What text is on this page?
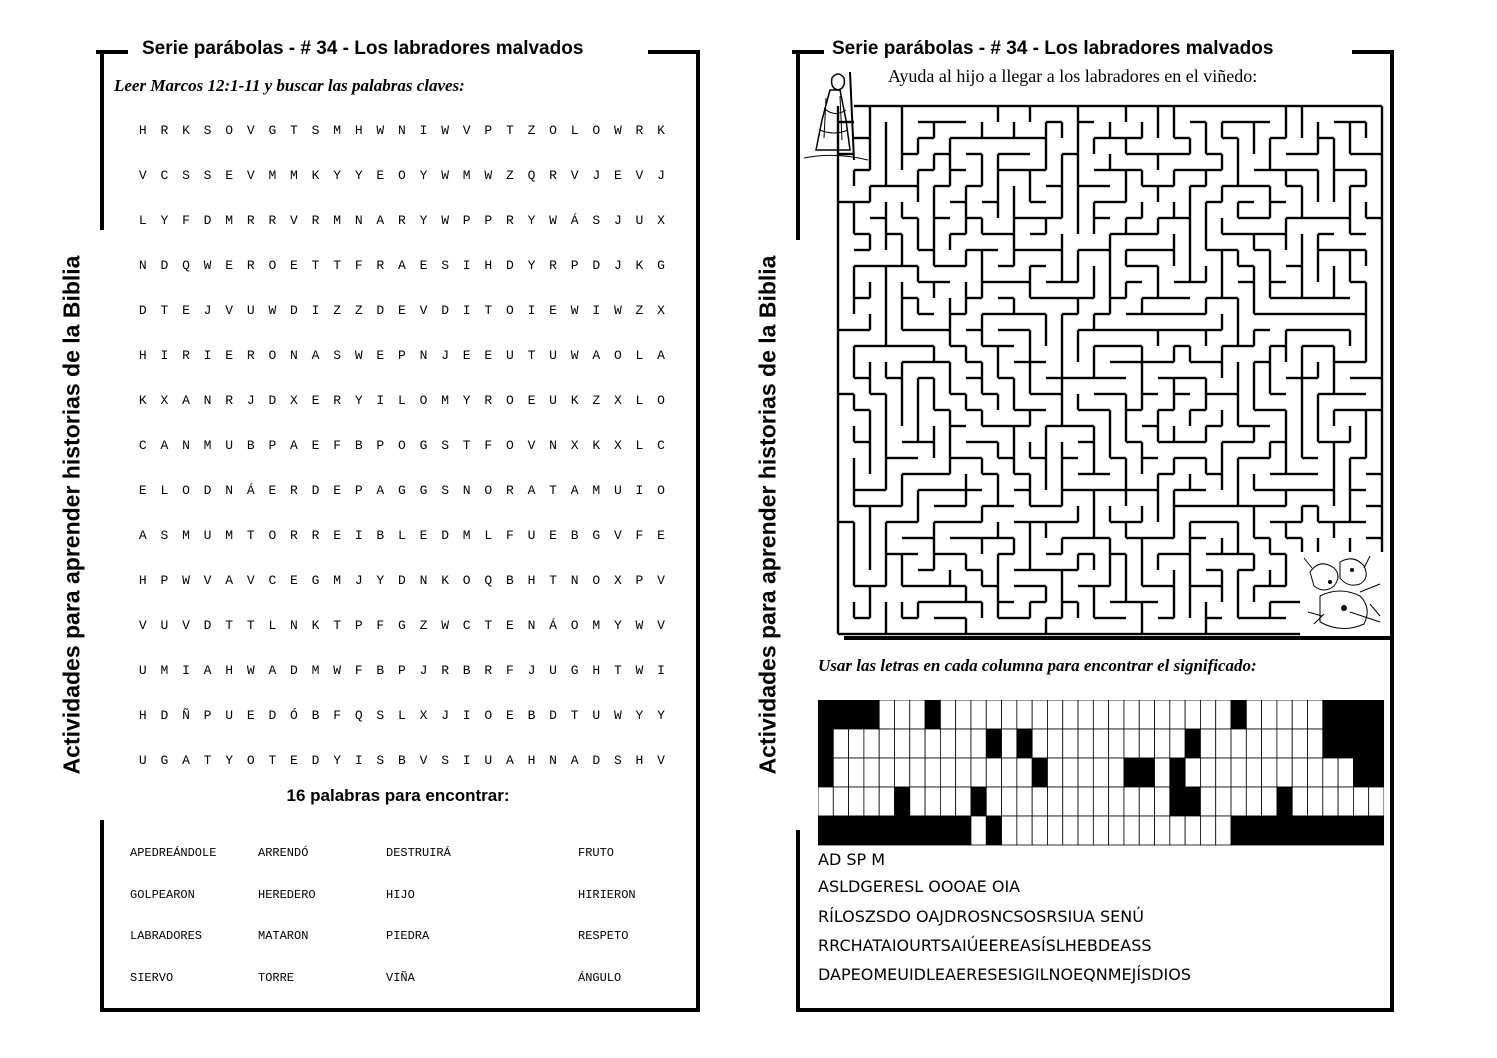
Serie parábolas - # 34 - Los labradores malvados
Actividades para aprender historias de la Biblia
Leer Marcos 12:1-11 y buscar las palabras claves:
H	R	K	S	O	V	G	T	S	M	H	W	N	I	W	V	P	T	Z	O	L	O	W	R	K
V	C	S	S	E	V	M	M	K	Y	Y	E	O	Y	W	M	W	Z	Q	R	V	J	E	V	J
L	Y	F	D	M	R	R	V	R	M	N	A	R	Y	W	P	P	R	Y	W	Á	S	J	U	X
N	D	Q	W	E	R	O	E	T	T	F	R	A	E	S	I	H	D	Y	R	P	D	J	K	G
D	T	E	J	V	U	W	D	I	Z	Z	D	E	V	D	I	T	O	I	E	W	I	W	Z	X
H	I	R	I	E	R	O	N	A	S	W	E	P	N	J	E	E	U	T	U	W	A	O	L	A
K	X	A	N	R	J	D	X	E	R	Y	I	L	O	M	Y	R	O	E	U	K	Z	X	L	O
C	A	N	M	U	B	P	A	E	F	B	P	O	G	S	T	F	O	V	N	X	K	X	L	C
E	L	O	D	N	Á	E	R	D	E	P	A	G	G	S	N	O	R	A	T	A	M	U	I	O
A	S	M	U	M	T	O	R	R	E	I	B	L	E	D	M	L	F	U	E	B	G	V	F	E
H	P	W	V	A	V	C	E	G	M	J	Y	D	N	K	O	Q	B	H	T	N	O	X	P	V
V	U	V	D	T	T	L	N	K	T	P	F	G	Z	W	C	T	E	N	Á	O	M	Y	W	V
U	M	I	A	H	W	A	D	M	W	F	B	P	J	R	B	R	F	J	U	G	H	T	W	I
H	D	Ñ	P	U	E	D	Ó	B	F	Q	S	L	X	J	I	O	E	B	D	T	U	W	Y	Y
U	G	A	T	Y	O	T	E	D	Y	I	S	B	V	S	I	U	A	H	N	A	D	S	H	V
16 palabras para encontrar:
APEDREÁNDOLE	ARRENDÓ	DESTRUIRÁ	FRUTO
GOLPEARON	HEREDERO	HIJO	HIRIERON
LABRADORES	MATARON	PIEDRA	RESPETO
SIERVO	TORRE	VIÑA	ÁNGULO
Serie parábolas - # 34 - Los labradores malvados
Actividades para aprender historias de la Biblia
Ayuda al hijo a llegar a los labradores en el viñedo:
Usar las letras en cada columna para encontrar el significado:
AD SP M
ASLDGERESL OOOAE OIA
RÍLOSZSDO OAJDROSNCSOSRSIUA SENÚ
RRCHATAIOURTSAIÚEEREASÍSLHEBDEASS
DAPEOMEUIDLEAERESESIGILNOEQNMEJÍSDIOS
